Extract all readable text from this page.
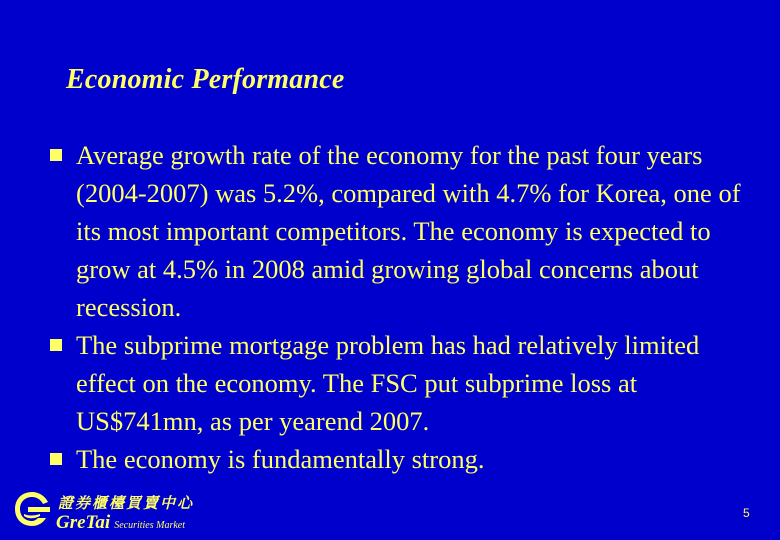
Economic Performance
Average growth rate of the economy for the past four years (2004-2007) was 5.2%, compared with 4.7% for Korea, one of its most important competitors. The economy is expected to grow at 4.5% in 2008 amid growing global concerns about recession.
The subprime mortgage problem has had relatively limited effect on the economy. The FSC put subprime loss at US$741mn, as per yearend 2007.
The economy is fundamentally strong.
證券櫃檯買賣中心
GreTai Securities Market
5
